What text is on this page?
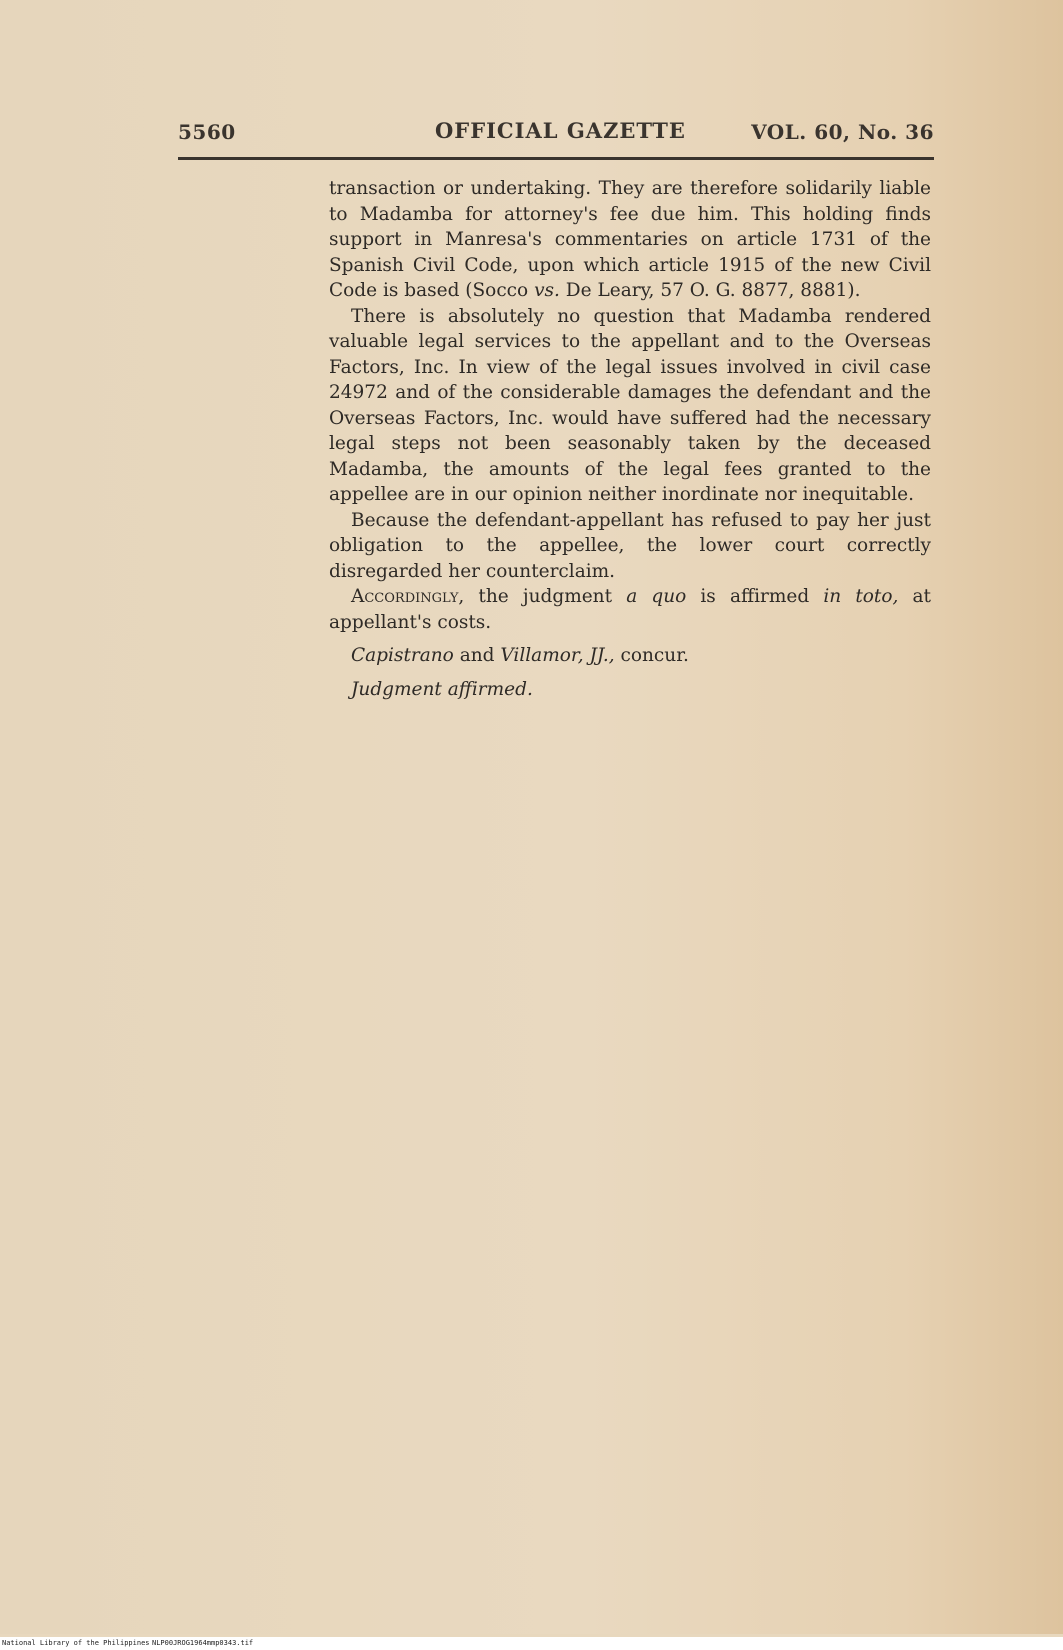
5560	OFFICIAL GAZETTE	VOL. 60, No. 36

transaction or undertaking. They are therefore solidarily liable to Madamba for attorney's fee due him. This holding finds support in Manresa's commentaries on article 1731 of the Spanish Civil Code, upon which article 1915 of the new Civil Code is based (Socco vs. De Leary, 57 O. G. 8877, 8881).

There is absolutely no question that Madamba rendered valuable legal services to the appellant and to the Overseas Factors, Inc. In view of the legal issues involved in civil case 24972 and of the considerable damages the defendant and the Overseas Factors, Inc. would have suffered had the necessary legal steps not been seasonably taken by the deceased Madamba, the amounts of the legal fees granted to the appellee are in our opinion neither inordinate nor inequitable.

Because the defendant-appellant has refused to pay her just obligation to the appellee, the lower court correctly disregarded her counterclaim.

Accordingly, the judgment a quo is affirmed in toto, at appellant's costs.

Capistrano and Villamor, JJ., concur.

Judgment affirmed.

National Library of the Philippines NLP00JROG1964mmp0343.tif
